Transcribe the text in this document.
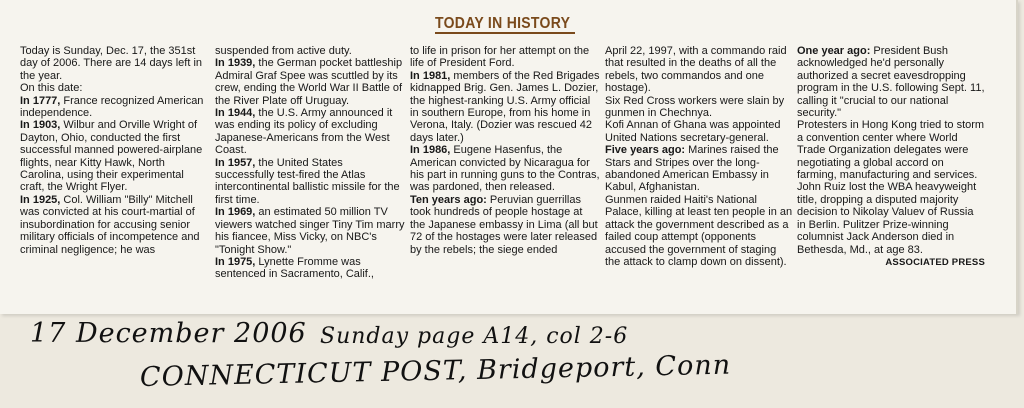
TODAY IN HISTORY

Today is Sunday, Dec. 17, the 351st day of 2006. There are 14 days left in the year.

On this date:

In 1777, France recognized American independence.

In 1903, Wilbur and Orville Wright of Dayton, Ohio, conducted the first successful manned powered-airplane flights, near Kitty Hawk, North Carolina, using their experimental craft, the Wright Flyer.

In 1925, Col. William "Billy" Mitchell was convicted at his court-martial of insubordination for accusing senior military officials of incompetence and criminal negligence; he was

suspended from active duty.

In 1939, the German pocket battleship Admiral Graf Spee was scuttled by its crew, ending the World War II Battle of the River Plate off Uruguay.

In 1944, the U.S. Army announced it was ending its policy of excluding Japanese-Americans from the West Coast.

In 1957, the United States successfully test-fired the Atlas intercontinental ballistic missile for the first time.

In 1969, an estimated 50 million TV viewers watched singer Tiny Tim marry his fiancee, Miss Vicky, on NBC's "Tonight Show."

In 1975, Lynette Fromme was sentenced in Sacramento, Calif.,

to life in prison for her attempt on the life of President Ford.

In 1981, members of the Red Brigades kidnapped Brig. Gen. James L. Dozier, the highest-ranking U.S. Army official in southern Europe, from his home in Verona, Italy. (Dozier was rescued 42 days later.)

In 1986, Eugene Hasenfus, the American convicted by Nicaragua for his part in running guns to the Contras, was pardoned, then released.

Ten years ago: Peruvian guerrillas took hundreds of people hostage at the Japanese embassy in Lima (all but 72 of the hostages were later released by the rebels; the siege ended

April 22, 1997, with a commando raid that resulted in the deaths of all the rebels, two commandos and one hostage).

Six Red Cross workers were slain by gunmen in Chechnya.

Kofi Annan of Ghana was appointed United Nations secretary-general.

Five years ago: Marines raised the Stars and Stripes over the long-abandoned American Embassy in Kabul, Afghanistan.

Gunmen raided Haiti's National Palace, killing at least ten people in an attack the government described as a failed coup attempt (opponents accused the government of staging the attack to clamp down on dissent).

One year ago: President Bush acknowledged he'd personally authorized a secret eavesdropping program in the U.S. following Sept. 11, calling it "crucial to our national security."

Protesters in Hong Kong tried to storm a convention center where World Trade Organization delegates were negotiating a global accord on farming, manufacturing and services.

John Ruiz lost the WBA heavyweight title, dropping a disputed majority decision to Nikolay Valuev of Russia in Berlin. Pulitzer Prize-winning columnist Jack Anderson died in Bethesda, Md., at age 83.

ASSOCIATED PRESS

17 December 2006 Sunday page A14, col 2-6
CONNECTICUT POST, Bridgeport, Conn
